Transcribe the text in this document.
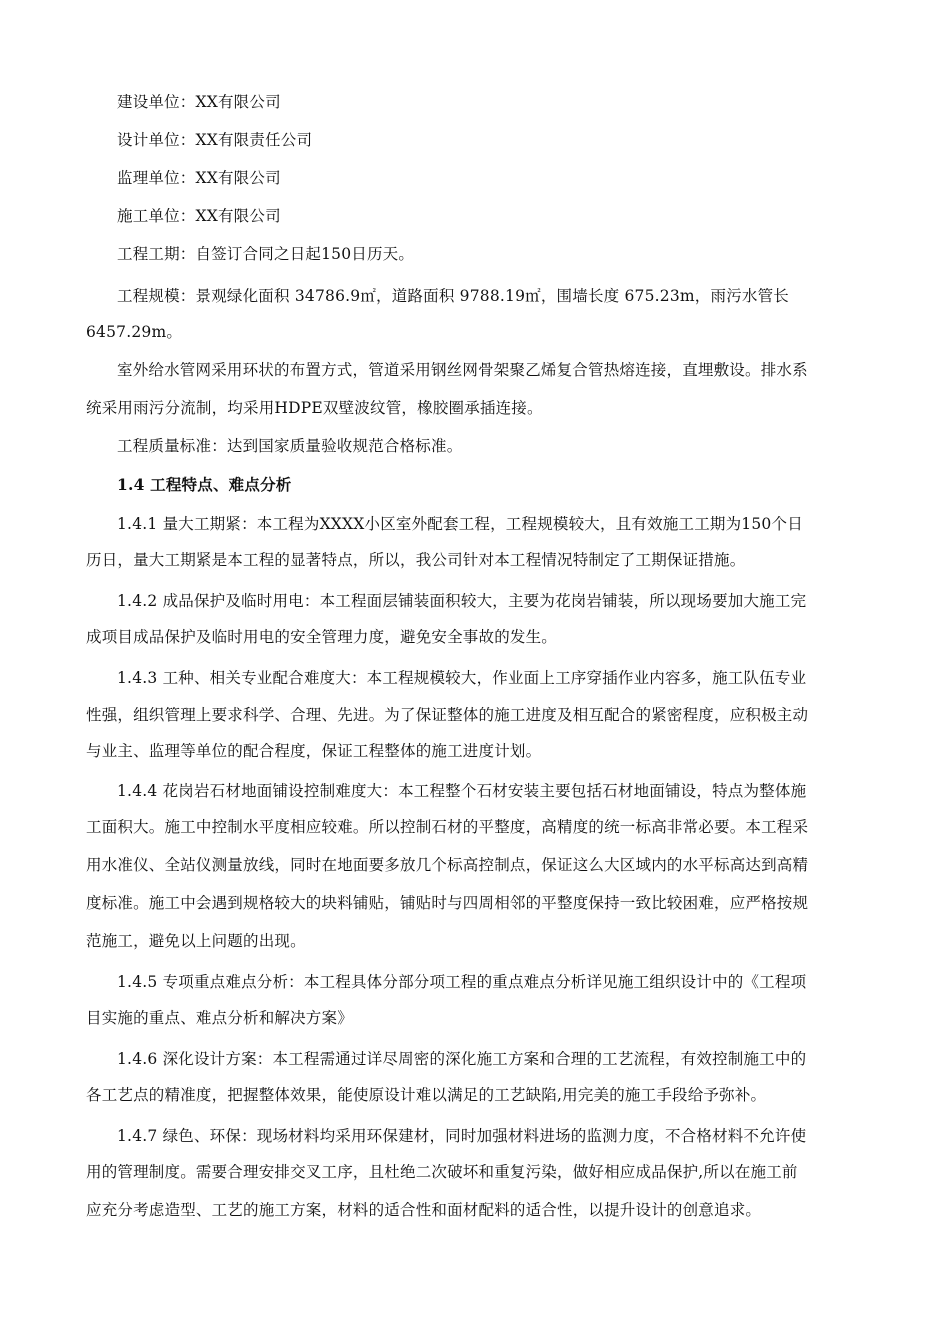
建设单位：XX有限公司
设计单位：XX有限责任公司
监理单位：XX有限公司
施工单位：XX有限公司
工程工期：自签订合同之日起150日历天。
工程规模：景观绿化面积 34786.9㎡，道路面积 9788.19㎡，围墙长度 675.23m，雨污水管长
6457.29m。
室外给水管网采用环状的布置方式，管道采用钢丝网骨架聚乙烯复合管热熔连接，直埋敷设。排水系
统采用雨污分流制，均采用HDPE双壁波纹管，橡胶圈承插连接。
工程质量标准：达到国家质量验收规范合格标准。
1.4 工程特点、难点分析
1.4.1 量大工期紧：本工程为XXXX小区室外配套工程，工程规模较大，且有效施工工期为150个日
历日，量大工期紧是本工程的显著特点，所以，我公司针对本工程情况特制定了工期保证措施。
1.4.2 成品保护及临时用电：本工程面层铺装面积较大，主要为花岗岩铺装，所以现场要加大施工完
成项目成品保护及临时用电的安全管理力度，避免安全事故的发生。
1.4.3 工种、相关专业配合难度大：本工程规模较大，作业面上工序穿插作业内容多，施工队伍专业
性强，组织管理上要求科学、合理、先进。为了保证整体的施工进度及相互配合的紧密程度，应积极主动
与业主、监理等单位的配合程度，保证工程整体的施工进度计划。
1.4.4 花岗岩石材地面铺设控制难度大：本工程整个石材安装主要包括石材地面铺设，特点为整体施
工面积大。施工中控制水平度相应较难。所以控制石材的平整度，高精度的统一标高非常必要。本工程采
用水准仪、全站仪测量放线，同时在地面要多放几个标高控制点，保证这么大区域内的水平标高达到高精
度标准。施工中会遇到规格较大的块料铺贴，铺贴时与四周相邻的平整度保持一致比较困难，应严格按规
范施工，避免以上问题的出现。
1.4.5 专项重点难点分析：本工程具体分部分项工程的重点难点分析详见施工组织设计中的《工程项
目实施的重点、难点分析和解决方案》
1.4.6 深化设计方案：本工程需通过详尽周密的深化施工方案和合理的工艺流程，有效控制施工中的
各工艺点的精准度，把握整体效果，能使原设计难以满足的工艺缺陷,用完美的施工手段给予弥补。
1.4.7 绿色、环保：现场材料均采用环保建材，同时加强材料进场的监测力度，不合格材料不允许使
用的管理制度。需要合理安排交叉工序，且杜绝二次破坏和重复污染，做好相应成品保护,所以在施工前
应充分考虑造型、工艺的施工方案，材料的适合性和面材配料的适合性，以提升设计的创意追求。
